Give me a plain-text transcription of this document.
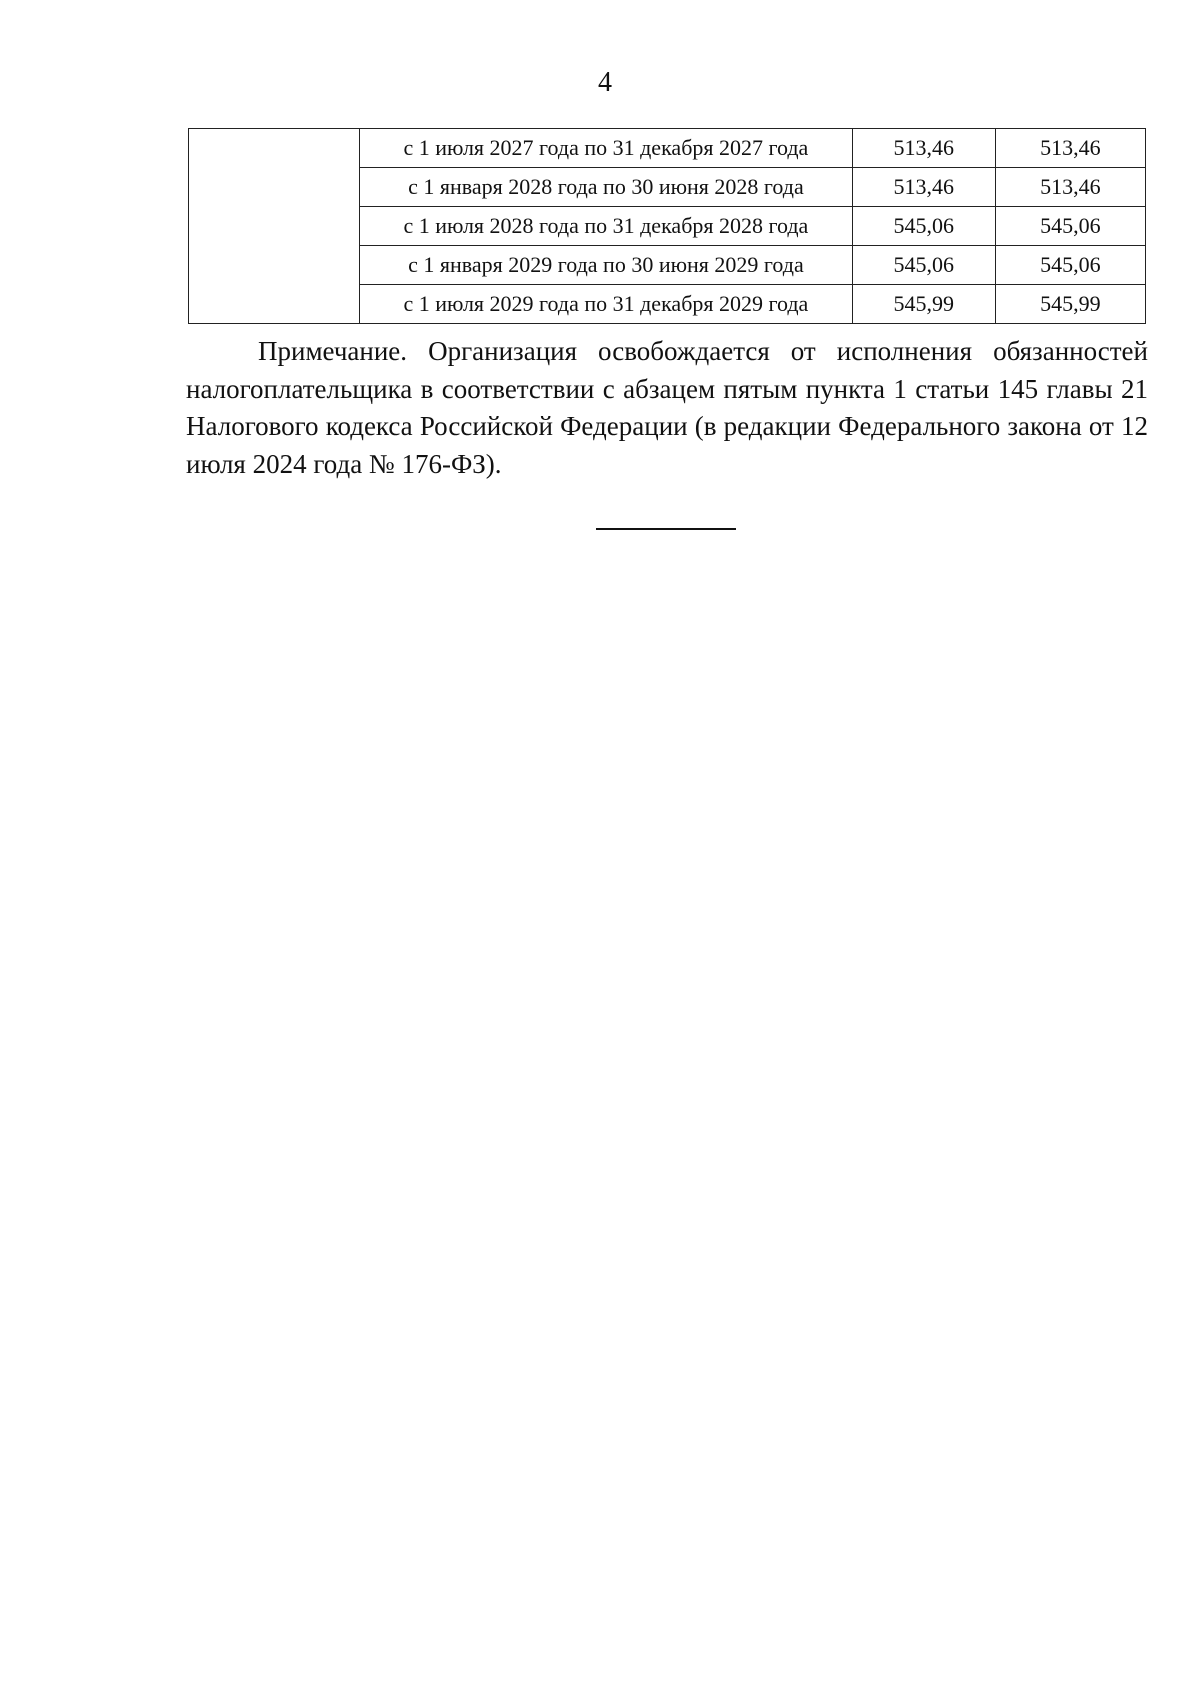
4
	с 1 июля 2027 года по 31 декабря 2027 года	513,46	513,46
	с 1 января 2028 года по 30 июня 2028 года	513,46	513,46
	с 1 июля 2028 года по 31 декабря 2028 года	545,06	545,06
	с 1 января 2029 года по 30 июня 2029 года	545,06	545,06
	с 1 июля 2029 года по 31 декабря 2029 года	545,99	545,99

Примечание. Организация освобождается от исполнения обязанностей налогоплательщика в соответствии с абзацем пятым пункта 1 статьи 145 главы 21 Налогового кодекса Российской Федерации (в редакции Федерального закона от 12 июля 2024 года № 176-ФЗ).
